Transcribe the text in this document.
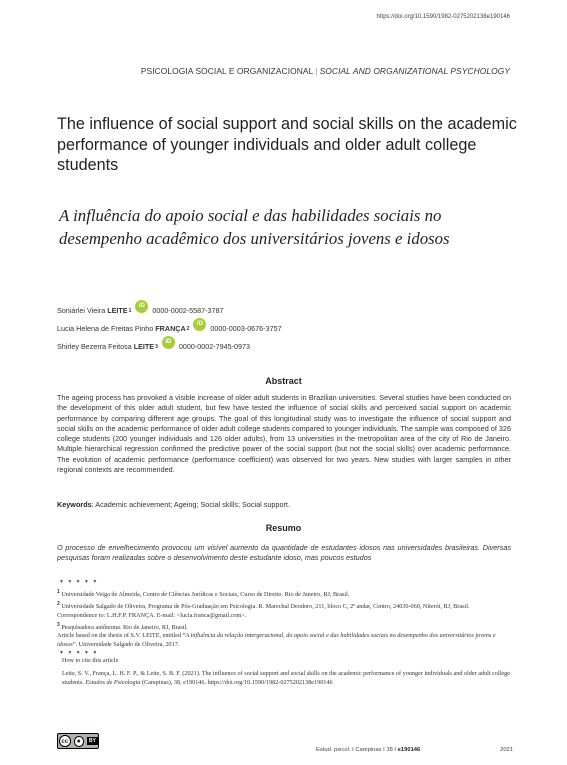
https://doi.org/10.1590/1982-0275202138e190146
PSICOLOGIA SOCIAL E ORGANIZACIONAL | SOCIAL AND ORGANIZATIONAL PSYCHOLOGY
The influence of social support and social skills on the academic performance of younger individuals and older adult college students
A influência do apoio social e das habilidades sociais no desempenho acadêmico dos universitários jovens e idosos
Soniárlei Vieira LEITE 1
iD	0000-0002-5587-3787
Lucia Helena de Freitas Pinho FRANÇA 2
iD	0000-0003-0676-3757
Shirley Bezerra Feitosa LEITE 3
iD	0000-0002-7945-0973
Abstract
The ageing process has provoked a visible increase of older adult students in Brazilian universities. Several studies have been conducted on the development of this older adult student, but few have tested the influence of social skills and perceived social support on academic performance by comparing different age groups. The goal of this longitudinal study was to investigate the influence of social support and social skills on the academic performance of older adult college students compared to younger individuals. The sample was composed of 326 college students (200 younger individuals and 126 older adults), from 13 universities in the metropolitan area of the city of Rio de Janeiro. Multiple hierarchical regression confirmed the predictive power of the social support (but not the social skills) over academic performance. The evolution of academic performance (performance coefficient) was observed for two years. New studies with larger samples in other regional contexts are recommended.
Keywords: Academic achievement; Ageing; Social skills; Social support.
Resumo
O processo de envelhecimento provocou um visível aumento da quantidade de estudantes idosos nas universidades brasileiras. Diversas pesquisas foram realizadas sobre o desenvolvimento deste estudante idoso, mas poucos estudos
▼ ▼ ▼ ▼ ▼
$^1$ Universidade Veiga de Almeida, Centro de Ciências Jurídicas e Sociais, Curso de Direito. Rio de Janeiro, RJ, Brasil.
$^2$ Universidade Salgado de Oliveira, Programa de Pós-Graduação em Psicologia. R. Marechal Deodoro, 211, bloco C, 2º andar, Centro, 24030-060, Niterói, RJ, Brasil. Correspondence to: L.H.F.P. FRANÇA. E-mail: <lucia.franca@gmail.com>.
$^3$ Pesquisadora autônoma. Rio de Janeiro, RJ, Brasil.
Article based on the thesis of S.V. LEITE, entitled “A influência da relação intergeracional, do apoio social e das habilidades sociais no desempenho dos universitários jovens e idosos”. Universidade Salgado de Oliveira, 2017.
▼ ▼ ▼ ▼ ▼
How to cite this article
Leite, S. V., França, L. H. F. P., & Leite, S. B. F. (2021). The influence of social support and social skills on the academic performance of younger individuals and older adult college students. Estudos de Psicologia (Campinas), 38, e190146. https://doi.org/10.1590/1982-0275202138e190146
cc	●	BY
Estud. psicol. I Campinas I 38 I e190146	2021
